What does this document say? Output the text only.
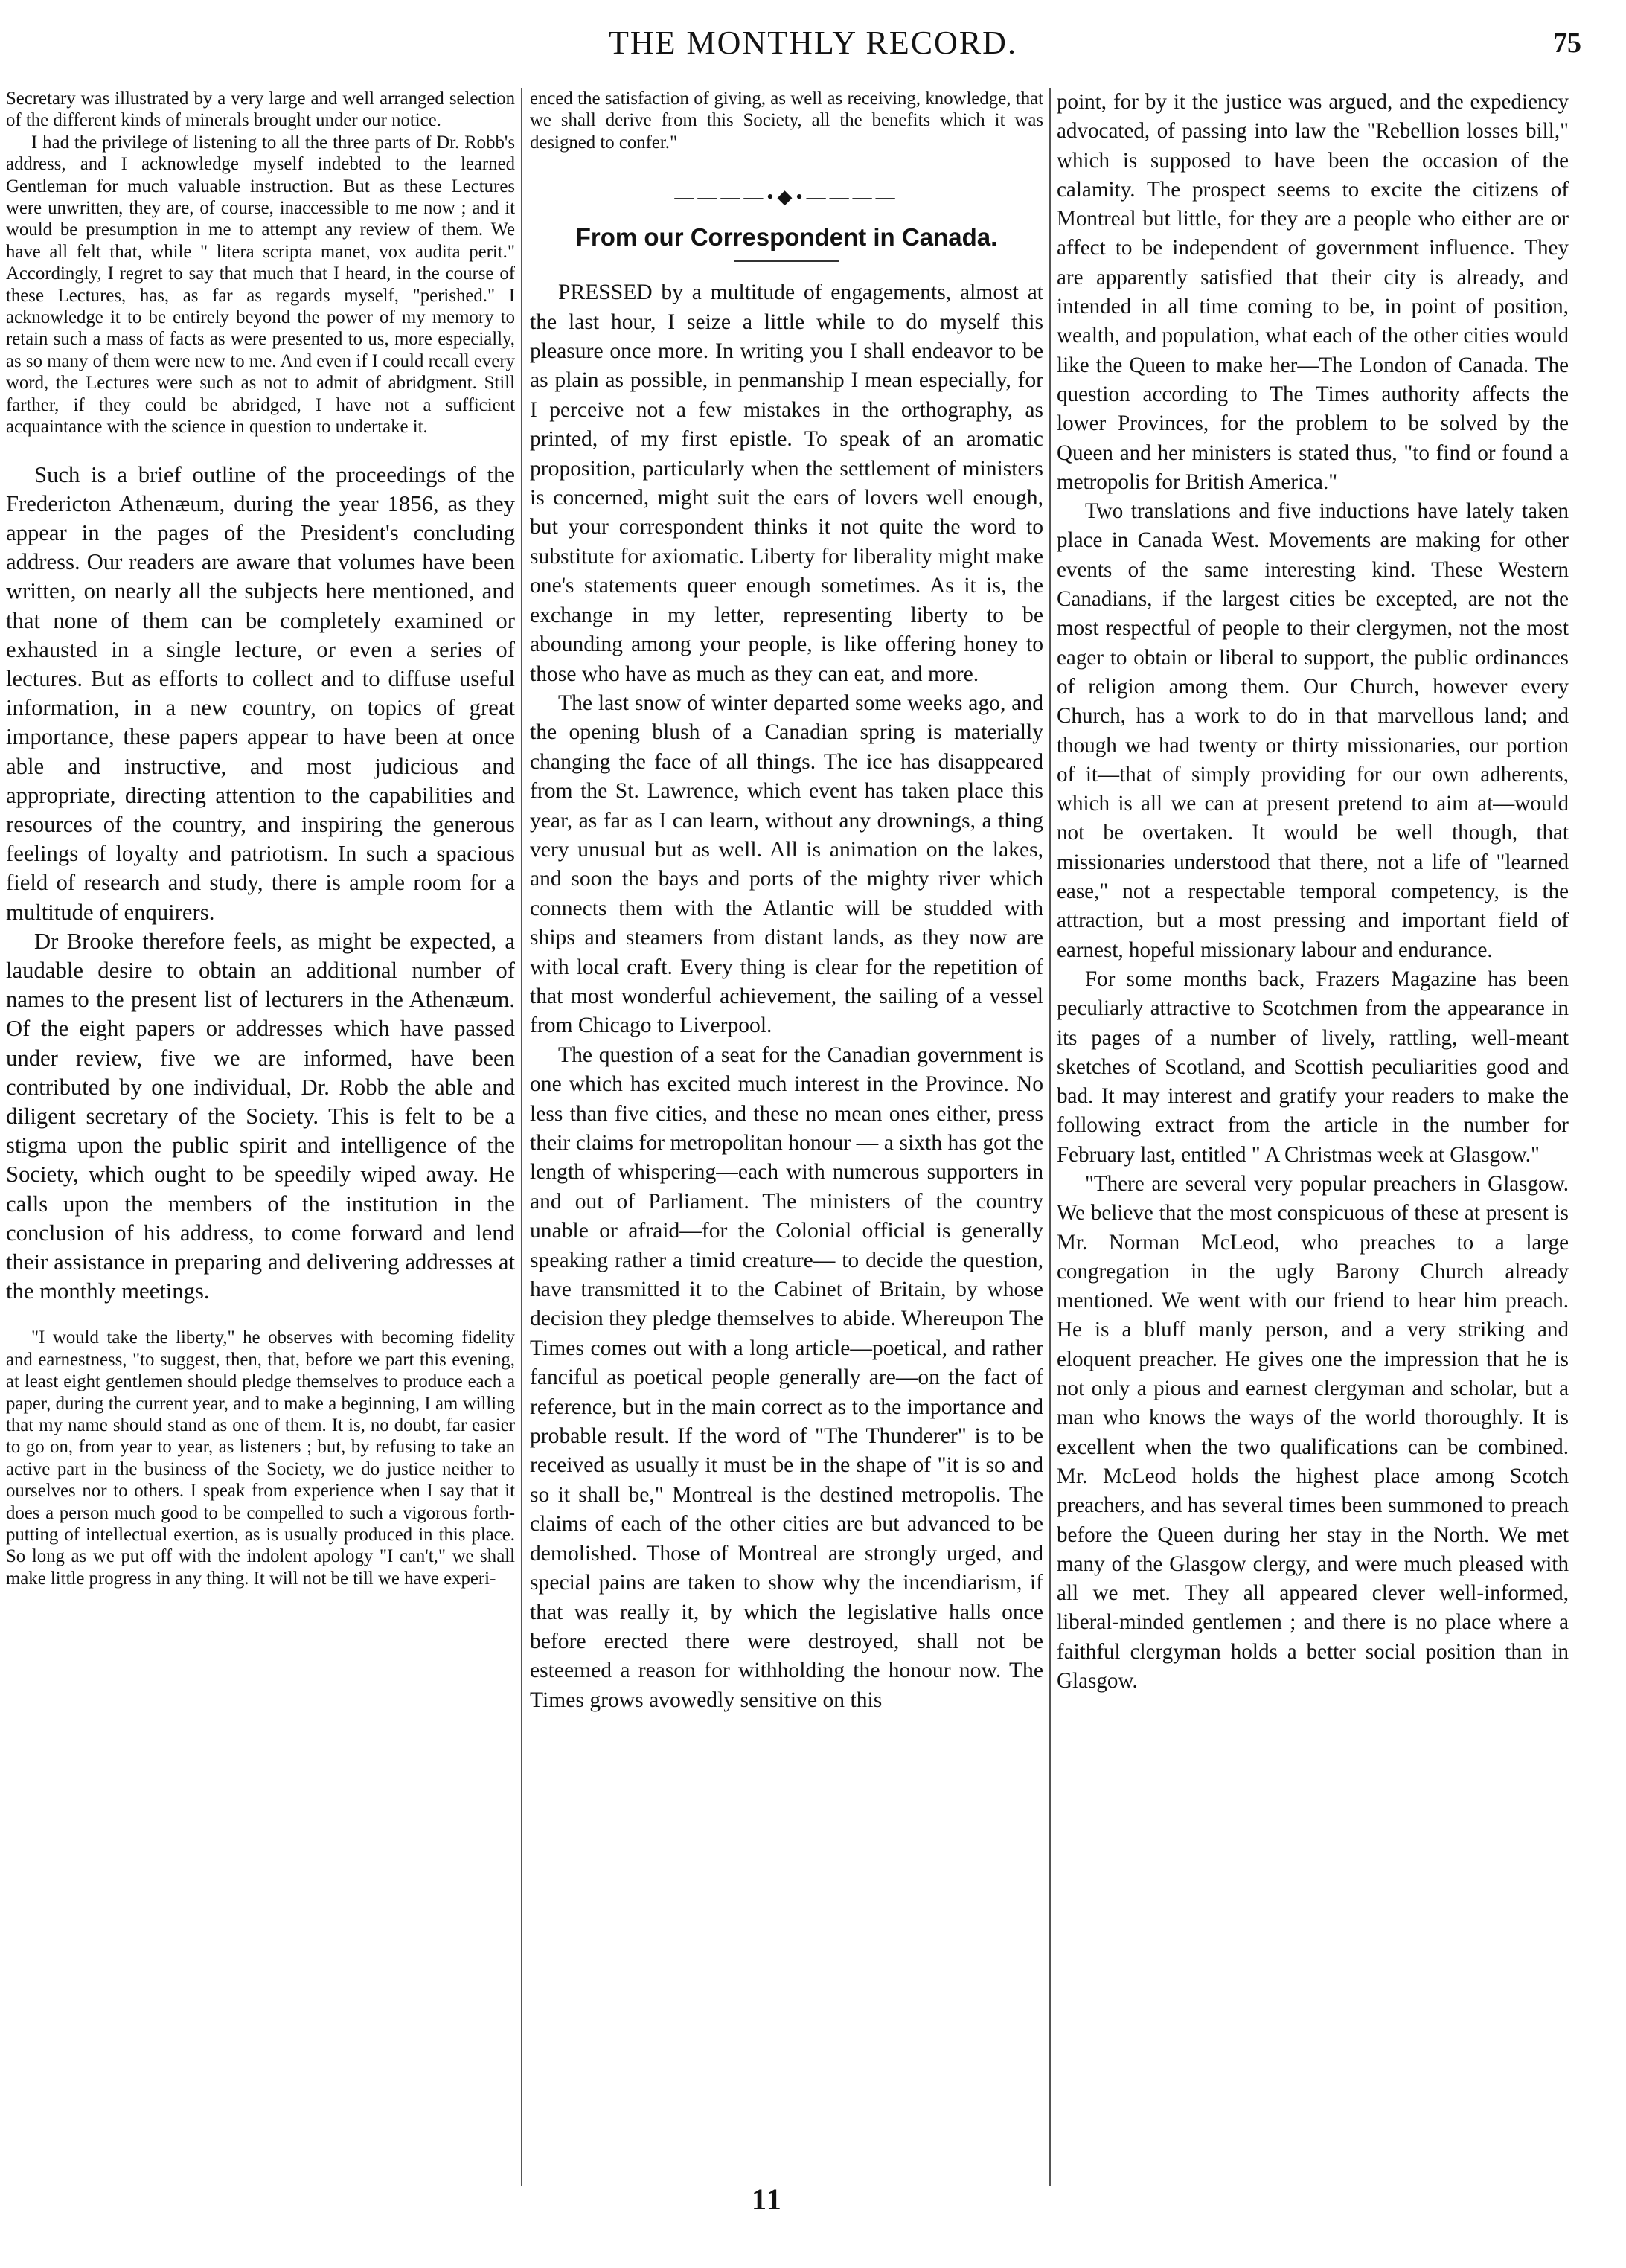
THE MONTHLY RECORD.	75

Secretary was illustrated by a very large and well arranged selection of the different kinds of minerals brought under our notice.

I had the privilege of listening to all the three parts of Dr. Robb's address, and I acknowledge myself indebted to the learned Gentleman for much valuable instruction. But as these Lectures were unwritten, they are, of course, inaccessible to me now ; and it would be presumption in me to attempt any review of them. We have all felt that, while " litera scripta manet, vox audita perit." Accordingly, I regret to say that much that I heard, in the course of these Lectures, has, as far as regards myself, "perished." I acknowledge it to be entirely beyond the power of my memory to retain such a mass of facts as were presented to us, more especially, as so many of them were new to me. And even if I could recall every word, the Lectures were such as not to admit of abridgment. Still farther, if they could be abridged, I have not a sufficient acquaintance with the science in question to undertake it.

Such is a brief outline of the proceedings of the Fredericton Athenæum, during the year 1856, as they appear in the pages of the President's concluding address. Our readers are aware that volumes have been written, on nearly all the subjects here mentioned, and that none of them can be completely examined or exhausted in a single lecture, or even a series of lectures. But as efforts to collect and to diffuse useful information, in a new country, on topics of great importance, these papers appear to have been at once able and instructive, and most judicious and appropriate, directing attention to the capabilities and resources of the country, and inspiring the generous feelings of loyalty and patriotism. In such a spacious field of research and study, there is ample room for a multitude of enquirers.

Dr Brooke therefore feels, as might be expected, a laudable desire to obtain an additional number of names to the present list of lecturers in the Athenæum. Of the eight papers or addresses which have passed under review, five we are informed, have been contributed by one individual, Dr. Robb the able and diligent secretary of the Society. This is felt to be a stigma upon the public spirit and intelligence of the Society, which ought to be speedily wiped away. He calls upon the members of the institution in the conclusion of his address, to come forward and lend their assistance in preparing and delivering addresses at the monthly meetings.

"I would take the liberty," he observes with becoming fidelity and earnestness, "to suggest, then, that, before we part this evening, at least eight gentlemen should pledge themselves to produce each a paper, during the current year, and to make a beginning, I am willing that my name should stand as one of them. It is, no doubt, far easier to go on, from year to year, as listeners ; but, by refusing to take an active part in the business of the Society, we do justice neither to ourselves nor to others. I speak from experience when I say that it does a person much good to be compelled to such a vigorous forth-putting of intellectual exertion, as is usually produced in this place. So long as we put off with the indolent apology "I can't," we shall make little progress in any thing. It will not be till we have experi-

enced the satisfaction of giving, as well as receiving, knowledge, that we shall derive from this Society, all the benefits which it was designed to confer."

————•◆•————
From our Correspondent in Canada.

PRESSED by a multitude of engagements, almost at the last hour, I seize a little while to do myself this pleasure once more. In writing you I shall endeavor to be as plain as possible, in penmanship I mean especially, for I perceive not a few mistakes in the orthography, as printed, of my first epistle. To speak of an aromatic proposition, particularly when the settlement of ministers is concerned, might suit the ears of lovers well enough, but your correspondent thinks it not quite the word to substitute for axiomatic. Liberty for liberality might make one's statements queer enough sometimes. As it is, the exchange in my letter, representing liberty to be abounding among your people, is like offering honey to those who have as much as they can eat, and more.

The last snow of winter departed some weeks ago, and the opening blush of a Canadian spring is materially changing the face of all things. The ice has disappeared from the St. Lawrence, which event has taken place this year, as far as I can learn, without any drownings, a thing very unusual but as well. All is animation on the lakes, and soon the bays and ports of the mighty river which connects them with the Atlantic will be studded with ships and steamers from distant lands, as they now are with local craft. Every thing is clear for the repetition of that most wonderful achievement, the sailing of a vessel from Chicago to Liverpool.

The question of a seat for the Canadian government is one which has excited much interest in the Province. No less than five cities, and these no mean ones either, press their claims for metropolitan honour — a sixth has got the length of whispering—each with numerous supporters in and out of Parliament. The ministers of the country unable or afraid—for the Colonial official is generally speaking rather a timid creature— to decide the question, have transmitted it to the Cabinet of Britain, by whose decision they pledge themselves to abide. Whereupon The Times comes out with a long article—poetical, and rather fanciful as poetical people generally are—on the fact of reference, but in the main correct as to the importance and probable result. If the word of "The Thunderer" is to be received as usually it must be in the shape of "it is so and so it shall be," Montreal is the destined metropolis. The claims of each of the other cities are but advanced to be demolished. Those of Montreal are strongly urged, and special pains are taken to show why the incendiarism, if that was really it, by which the legislative halls once before erected there were destroyed, shall not be esteemed a reason for withholding the honour now. The Times grows avowedly sensitive on this

point, for by it the justice was argued, and the expediency advocated, of passing into law the "Rebellion losses bill," which is supposed to have been the occasion of the calamity. The prospect seems to excite the citizens of Montreal but little, for they are a people who either are or affect to be independent of government influence. They are apparently satisfied that their city is already, and intended in all time coming to be, in point of position, wealth, and population, what each of the other cities would like the Queen to make her—The London of Canada. The question according to The Times authority affects the lower Provinces, for the problem to be solved by the Queen and her ministers is stated thus, "to find or found a metropolis for British America."

Two translations and five inductions have lately taken place in Canada West. Movements are making for other events of the same interesting kind. These Western Canadians, if the largest cities be excepted, are not the most respectful of people to their clergymen, not the most eager to obtain or liberal to support, the public ordinances of religion among them. Our Church, however every Church, has a work to do in that marvellous land; and though we had twenty or thirty missionaries, our portion of it—that of simply providing for our own adherents, which is all we can at present pretend to aim at—would not be overtaken. It would be well though, that missionaries understood that there, not a life of "learned ease," not a respectable temporal competency, is the attraction, but a most pressing and important field of earnest, hopeful missionary labour and endurance.

For some months back, Frazers Magazine has been peculiarly attractive to Scotchmen from the appearance in its pages of a number of lively, rattling, well-meant sketches of Scotland, and Scottish peculiarities good and bad. It may interest and gratify your readers to make the following extract from the article in the number for February last, entitled " A Christmas week at Glasgow."

"There are several very popular preachers in Glasgow. We believe that the most conspicuous of these at present is Mr. Norman McLeod, who preaches to a large congregation in the ugly Barony Church already mentioned. We went with our friend to hear him preach. He is a bluff manly person, and a very striking and eloquent preacher. He gives one the impression that he is not only a pious and earnest clergyman and scholar, but a man who knows the ways of the world thoroughly. It is excellent when the two qualifications can be combined. Mr. McLeod holds the highest place among Scotch preachers, and has several times been summoned to preach before the Queen during her stay in the North. We met many of the Glasgow clergy, and were much pleased with all we met. They all appeared clever well-informed, liberal-minded gentlemen ; and there is no place where a faithful clergyman holds a better social position than in Glasgow.

11
